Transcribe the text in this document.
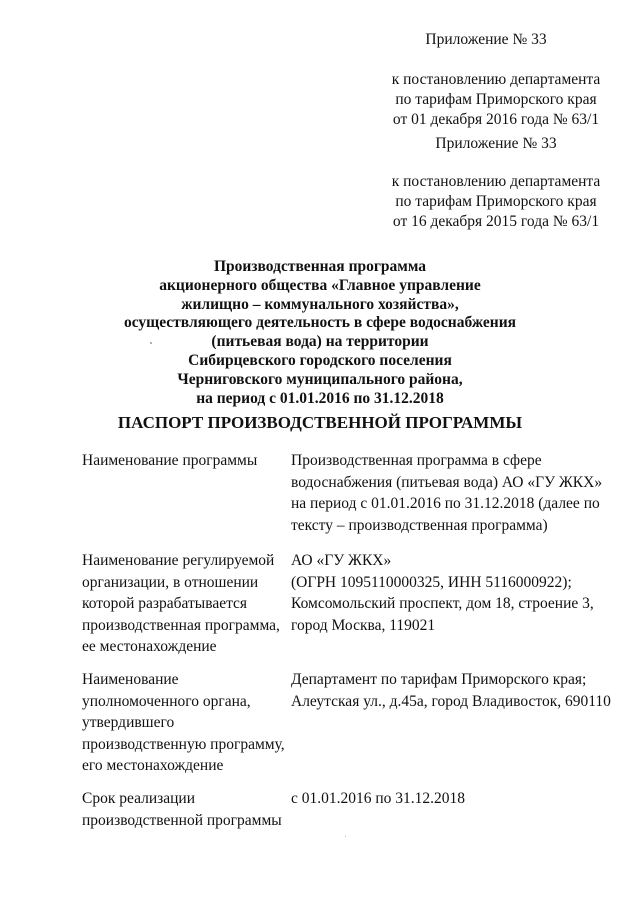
Приложение № 33
к постановлению департамента
по тарифам Приморского края
от 01 декабря 2016 года № 63/1
Приложение № 33
к постановлению департамента
по тарифам Приморского края
от 16 декабря 2015 года № 63/1
Производственная программа
акционерного общества «Главное управление
жилищно – коммунального хозяйства»,
осуществляющего деятельность в сфере водоснабжения
(питьевая вода) на территории
Сибирцевского городского поселения
Черниговского муниципального района,
на период с 01.01.2016 по 31.12.2018
ПАСПОРТ ПРОИЗВОДСТВЕННОЙ ПРОГРАММЫ
Наименование программы	Производственная программа в сфере
водоснабжения (питьевая вода) АО «ГУ ЖКХ»
на период с 01.01.2016 по 31.12.2018 (далее по
тексту – производственная программа)
Наименование регулируемой
организации, в отношении
которой разрабатывается
производственная программа,
ее местонахождение
АО «ГУ ЖКХ»
(ОГРН 1095110000325, ИНН 5116000922);
Комсомольский проспект, дом 18, строение 3,
город Москва, 119021
Наименование
уполномоченного органа,
утвердившего
производственную программу,
его местонахождение
Департамент по тарифам Приморского края;
Алеутская ул., д.45а, город Владивосток, 690110
Срок реализации
производственной программы
с 01.01.2016 по 31.12.2018
